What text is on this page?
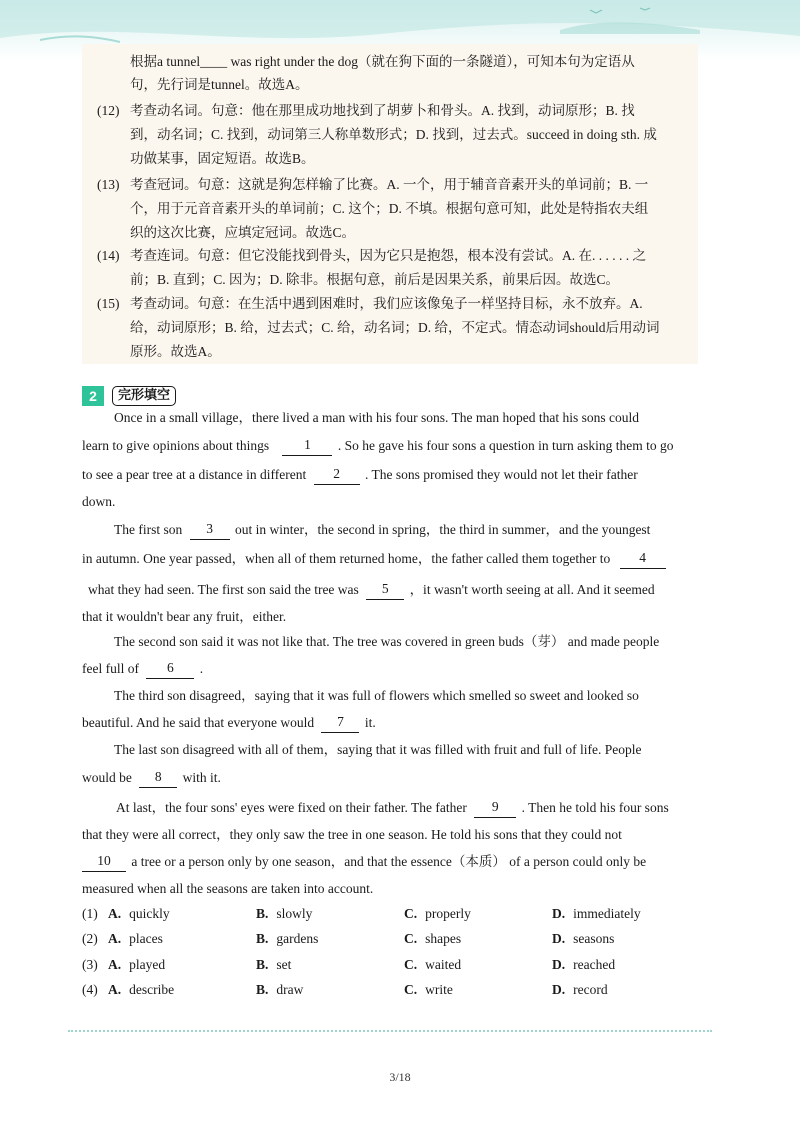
根据a tunnel____ was right under the dog（就在狗下面的一条隧道），可知本句为定语从
句，先行词是tunnel。故选A。
(12) 考查动名词。句意：他在那里成功地找到了胡萝卜和骨头。A. 找到，动词原形；B. 找
到，动名词；C. 找到，动词第三人称单数形式；D. 找到，过去式。succeed in doing sth. 成
功做某事，固定短语。故选B。
(13) 考查冠词。句意：这就是狗怎样输了比赛。A. 一个，用于辅音音素开头的单词前；B. 一
个，用于元音音素开头的单词前；C. 这个；D. 不填。根据句意可知，此处是特指农夫组
织的这次比赛，应填定冠词。故选C。
(14) 考查连词。句意：但它没能找到骨头，因为它只是抱怨，根本没有尝试。A. 在. . . . . . 之
前；B. 直到；C. 因为；D. 除非。根据句意，前后是因果关系，前果后因。故选C。
(15) 考查动词。句意：在生活中遇到困难时，我们应该像兔子一样坚持目标，永不放弃。A.
给，动词原形；B. 给，过去式；C. 给，动名词；D. 给，不定式。情态动词should后用动词
原形。故选A。
2	完形填空
Once in a small village，there lived a man with his four sons. The man hoped that his sons could
learn to give opinions about things	1 . So he gave his four sons a question in turn asking them to go
to see a pear tree at a distance in different 2 . The sons promised they would not let their father
down.
The first son 3 out in winter，the second in spring，the third in summer，and the youngest
in autumn. One year passed，when all of them returned home，the father called them together to 4
what they had seen. The first son said the tree was 5 ，it wasn't worth seeing at all. And it seemed
that it wouldn't bear any fruit，either.
The second son said it was not like that. The tree was covered in green buds（芽） and made people
feel full of 6 .
The third son disagreed，saying that it was full of flowers which smelled so sweet and looked so
beautiful. And he said that everyone would 7 it.
The last son disagreed with all of them，saying that it was filled with fruit and full of life. People
would be 8 with it.
At last，the four sons' eyes were fixed on their father. The father 9 . Then he told his four sons
that they were all correct，they only saw the tree in one season. He told his sons that they could not
10 a tree or a person only by one season，and that the essence（本质） of a person could only be
measured when all the seasons are taken into account.
(1) A. quickly	B. slowly	C. properly	D. immediately
(2) A. places	B. gardens	C. shapes	D. seasons
(3) A. played	B. set	C. waited	D. reached
(4) A. describe	B. draw	C. write	D. record
3/18
